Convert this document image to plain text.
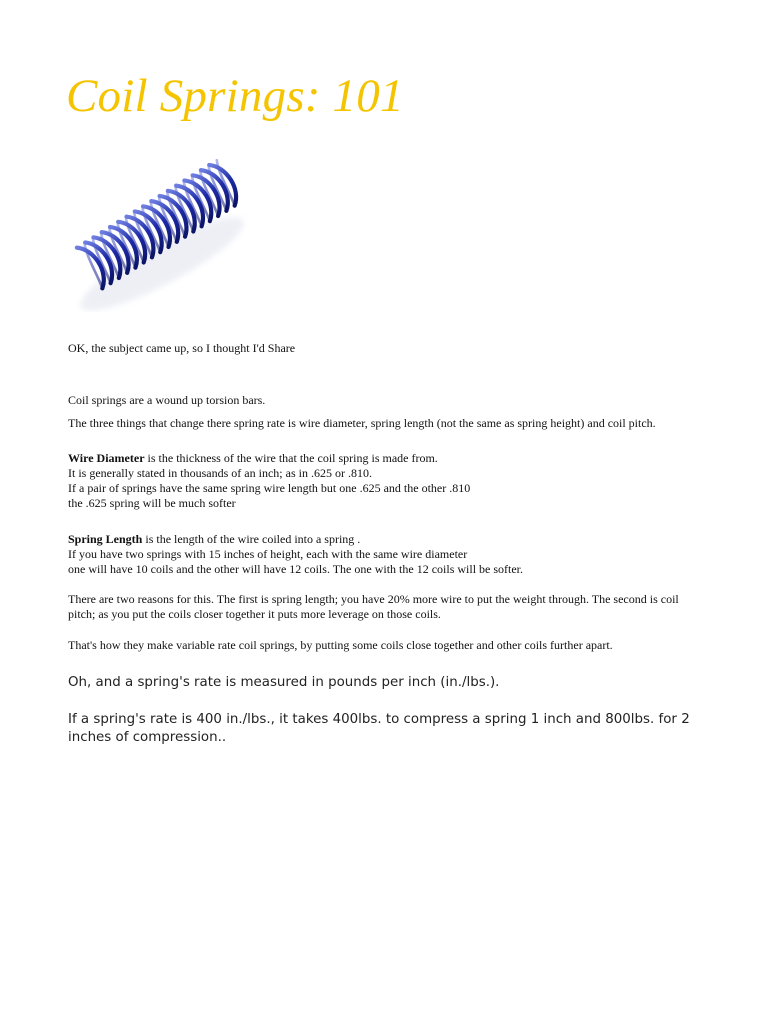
Coil Springs: 101

OK, the subject came up, so I thought I'd Share

Coil springs are a wound up torsion bars.

The three things that change there spring rate is wire diameter, spring length (not the same as spring height) and coil pitch.

Wire Diameter is the thickness of the wire that the coil spring is made from.
It is generally stated in thousands of an inch; as in .625 or .810.
If a pair of springs have the same spring wire length but one .625 and the other .810
the .625 spring will be much softer

Spring Length is the length of the wire coiled into a spring .
If you have two springs with 15 inches of height, each with the same wire diameter
one will have 10 coils and the other will have 12 coils. The one with the 12 coils will be softer.

There are two reasons for this. The first is spring length; you have 20% more wire to put the weight through. The second is coil pitch; as you put the coils closer together it puts more leverage on those coils.

That's how they make variable rate coil springs, by putting some coils close together and other coils further apart.

Oh, and a spring's rate is measured in pounds per inch (in./lbs.).

If a spring's rate is 400 in./lbs., it takes 400lbs. to compress a spring 1 inch and 800lbs. for 2 inches of compression..
